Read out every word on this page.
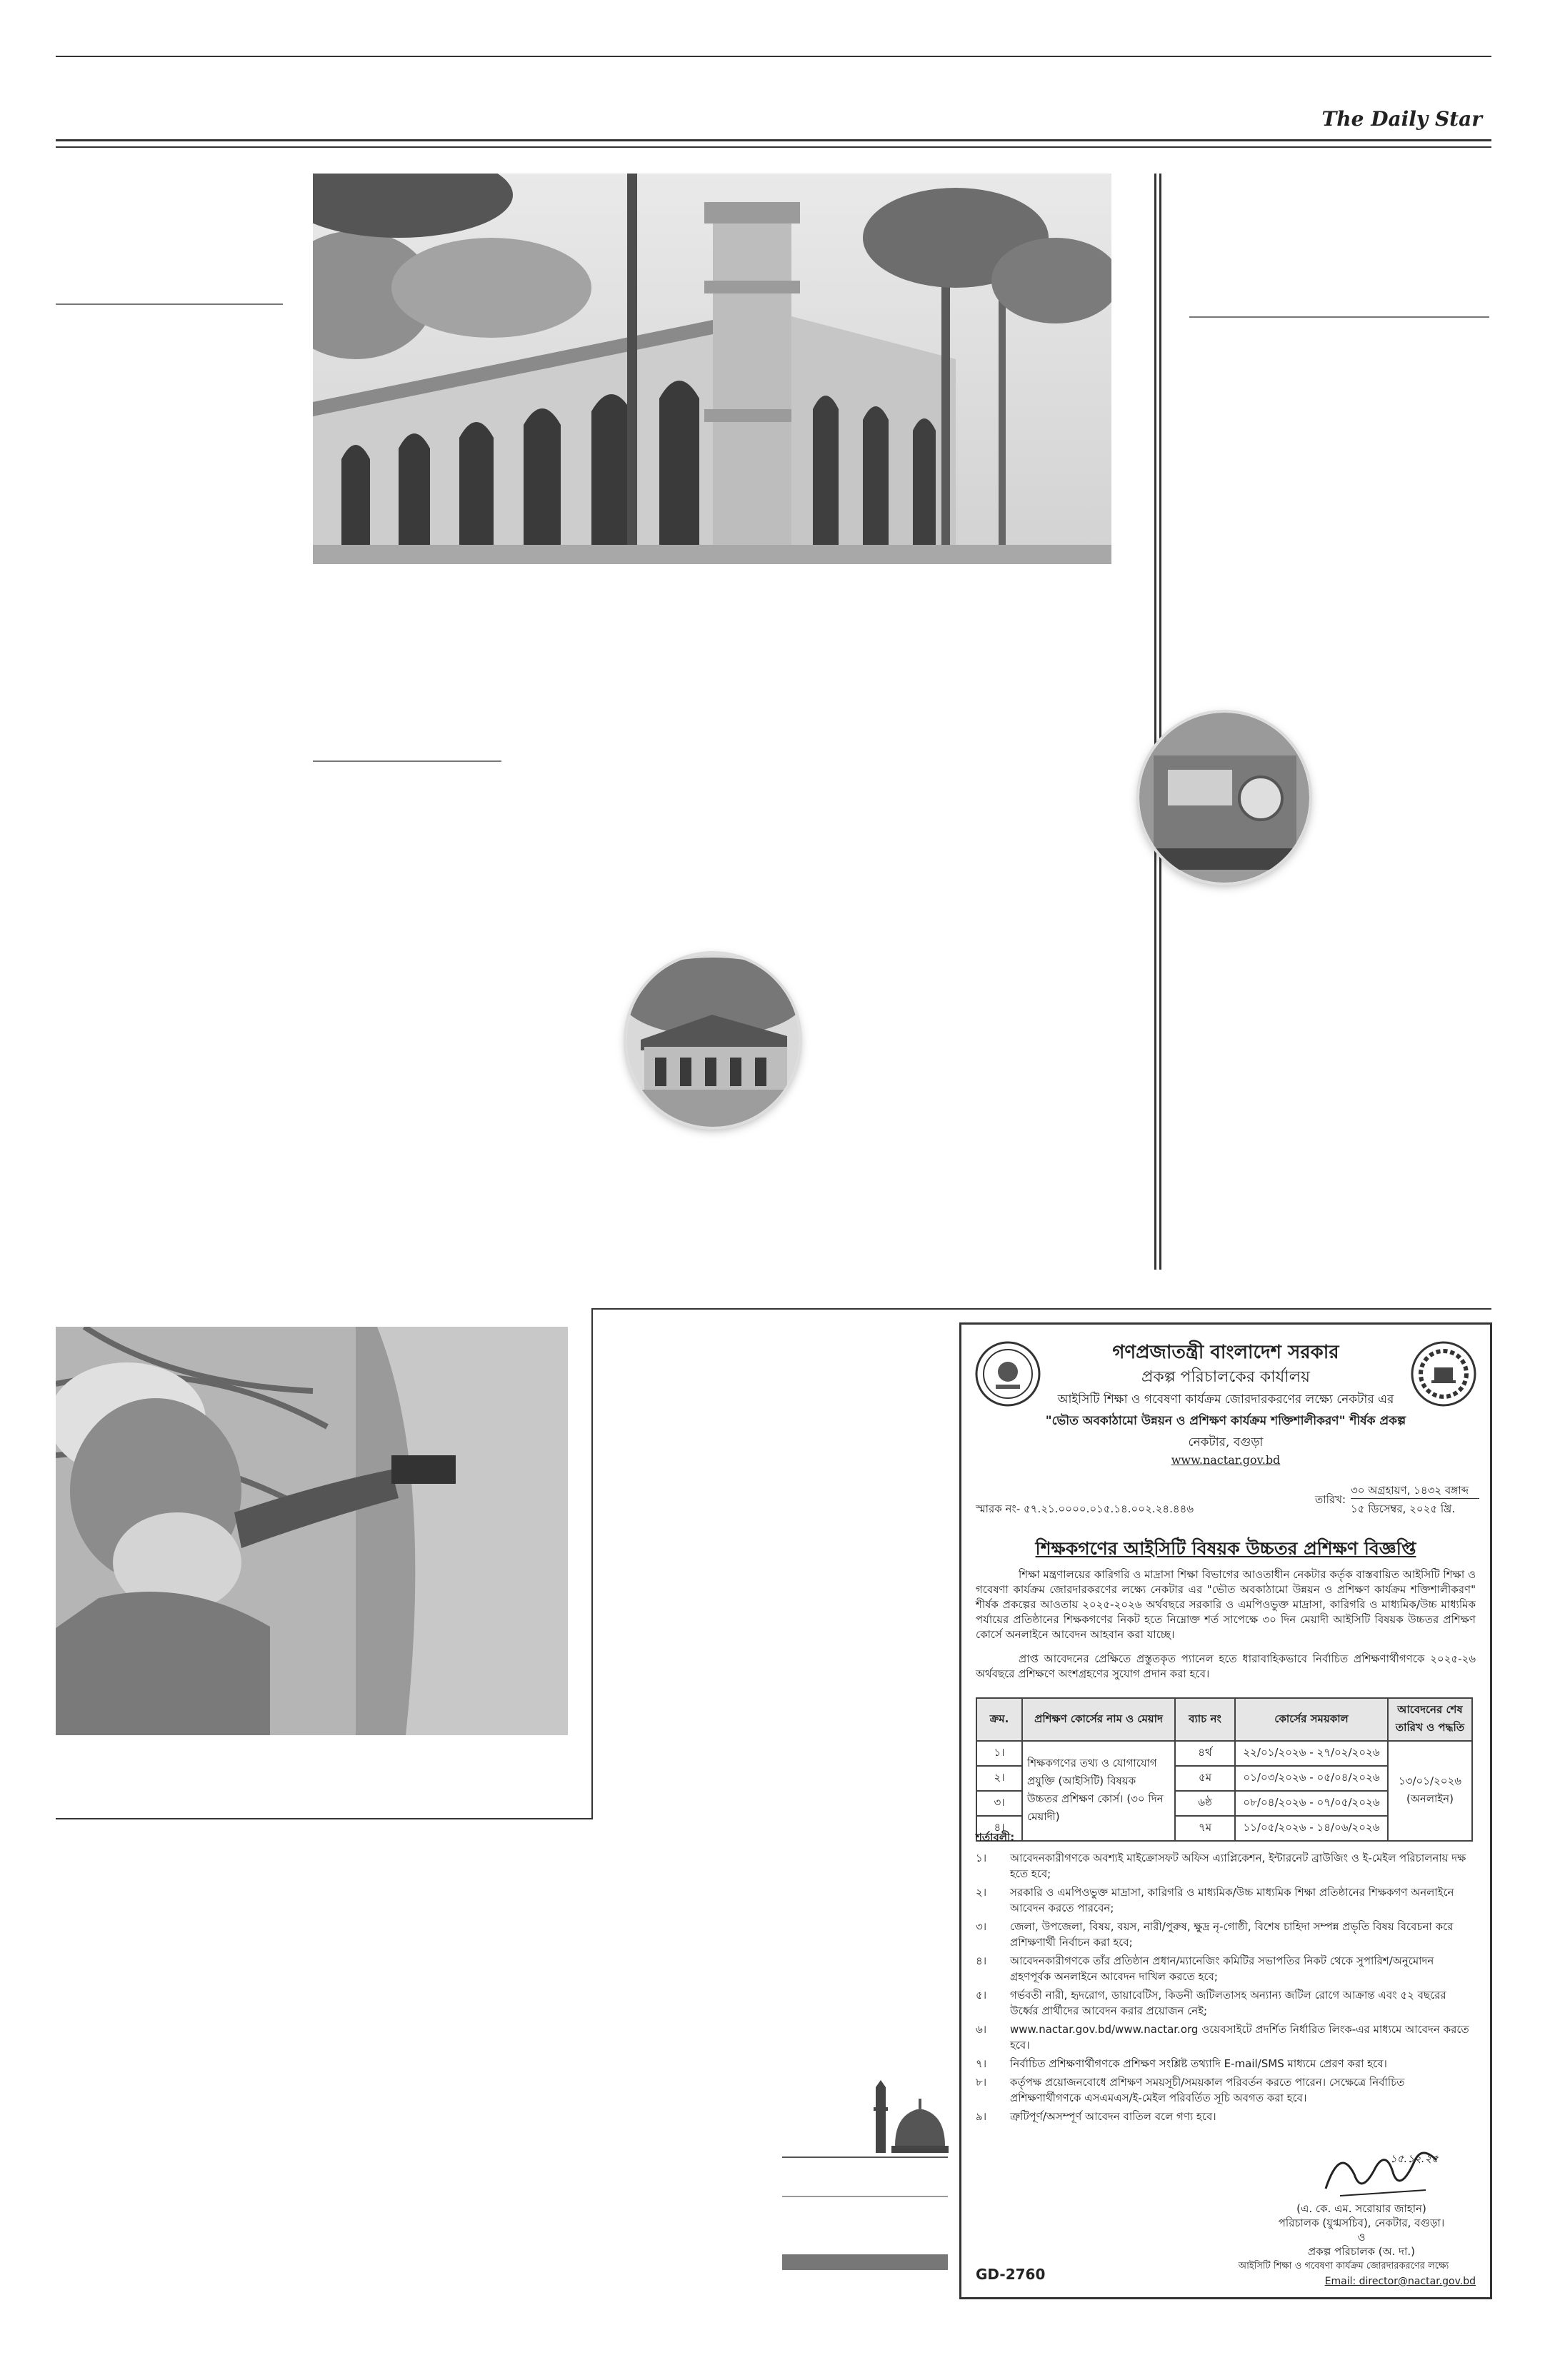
The Daily Star
গণপ্রজাতন্ত্রী বাংলাদেশ সরকার
প্রকল্প পরিচালকের কার্যালয়
আইসিটি শিক্ষা ও গবেষণা কার্যক্রম জোরদারকরণের লক্ষ্যে নেকটার এর
"ভৌত অবকাঠামো উন্নয়ন ও প্রশিক্ষণ কার্যক্রম শক্তিশালীকরণ" শীর্ষক প্রকল্প
নেকটার, বগুড়া
www.nactar.gov.bd
স্মারক নং- ৫৭.২১.০০০০.০১৫.১৪.০০২.২৪.৪৪৬
তারিখ:
৩০ অগ্রহায়ণ, ১৪৩২ বঙ্গাব্দ
১৫ ডিসেম্বর, ২০২৫ খ্রি.
শিক্ষকগণের আইসিটি বিষয়ক উচ্চতর প্রশিক্ষণ বিজ্ঞপ্তি
শিক্ষা মন্ত্রণালয়ের কারিগরি ও মাদ্রাসা শিক্ষা বিভাগের আওতাধীন নেকটার কর্তৃক বাস্তবায়িত আইসিটি শিক্ষা ও গবেষণা কার্যক্রম জোরদারকরণের লক্ষ্যে নেকটার এর "ভৌত অবকাঠামো উন্নয়ন ও প্রশিক্ষণ কার্যক্রম শক্তিশালীকরণ" শীর্ষক প্রকল্পের আওতায় ২০২৫-২০২৬ অর্থবছরে সরকারি ও এমপিওভুক্ত মাদ্রাসা, কারিগরি ও মাধ্যমিক/উচ্চ মাধ্যমিক পর্যায়ের প্রতিষ্ঠানের শিক্ষকগণের নিকট হতে নিম্নোক্ত শর্ত সাপেক্ষে ৩০ দিন মেয়াদী আইসিটি বিষয়ক উচ্চতর প্রশিক্ষণ কোর্সে অনলাইনে আবেদন আহবান করা যাচ্ছে।
প্রাপ্ত আবেদনের প্রেক্ষিতে প্রস্তুতকৃত প্যানেল হতে ধারাবাহিকভাবে নির্বাচিত প্রশিক্ষণার্থীগণকে ২০২৫-২৬ অর্থবছরে প্রশিক্ষণে অংশগ্রহণের সুযোগ প্রদান করা হবে।
ক্রম.	প্রশিক্ষণ কোর্সের নাম ও মেয়াদ	ব্যাচ নং	কোর্সের সময়কাল	আবেদনের শেষ তারিখ ও পদ্ধতি
১।	শিক্ষকগণের তথ্য ও যোগাযোগ প্রযুক্তি (আইসিটি) বিষয়ক উচ্চতর প্রশিক্ষণ কোর্স। (৩০ দিন মেয়াদী)	৪র্থ	২২/০১/২০২৬ - ২৭/০২/২০২৬	১৩/০১/২০২৬ (অনলাইন)
২।		৫ম	০১/০৩/২০২৬ - ০৫/০৪/২০২৬	
৩।		৬ষ্ঠ	০৮/০৪/২০২৬ - ০৭/০৫/২০২৬	
৪।		৭ম	১১/০৫/২০২৬ - ১৪/০৬/২০২৬	
শর্তাবলী:
১।	আবেদনকারীগণকে অবশ্যই মাইক্রোসফট অফিস এ্যাপ্লিকেশন, ইন্টারনেট ব্রাউজিং ও ই-মেইল পরিচালনায় দক্ষ হতে হবে;
২।	সরকারি ও এমপিওভুক্ত মাদ্রাসা, কারিগরি ও মাধ্যমিক/উচ্চ মাধ্যমিক শিক্ষা প্রতিষ্ঠানের শিক্ষকগণ অনলাইনে আবেদন করতে পারবেন;
৩।	জেলা, উপজেলা, বিষয়, বয়স, নারী/পুরুষ, ক্ষুদ্র নৃ-গোষ্ঠী, বিশেষ চাহিদা সম্পন্ন প্রভৃতি বিষয় বিবেচনা করে প্রশিক্ষণার্থী নির্বাচন করা হবে;
৪।	আবেদনকারীগণকে তাঁর প্রতিষ্ঠান প্রধান/ম্যানেজিং কমিটির সভাপতির নিকট থেকে সুপারিশ/অনুমোদন গ্রহণপূর্বক অনলাইনে আবেদন দাখিল করতে হবে;
৫।	গর্ভবতী নারী, হৃদরোগ, ডায়াবেটিস, কিডনী জটিলতাসহ অন্যান্য জটিল রোগে আক্রান্ত এবং ৫২ বছরের উর্ধ্বের প্রার্থীদের আবেদন করার প্রয়োজন নেই;
৬।	www.nactar.gov.bd/www.nactar.org ওয়েবসাইটে প্রদর্শিত নির্ধারিত লিংক-এর মাধ্যমে আবেদন করতে হবে।
৭।	নির্বাচিত প্রশিক্ষণার্থীগণকে প্রশিক্ষণ সংশ্লিষ্ট তথ্যাদি E-mail/SMS মাধ্যমে প্রেরণ করা হবে।
৮।	কর্তৃপক্ষ প্রয়োজনবোধে প্রশিক্ষণ সময়সূচী/সময়কাল পরিবর্তন করতে পারেন। সেক্ষেত্রে নির্বাচিত প্রশিক্ষণার্থীগণকে এসএমএস/ই-মেইল পরিবর্তিত সূচি অবগত করা হবে।
৯।	ত্রুটিপূর্ণ/অসম্পূর্ণ আবেদন বাতিল বলে গণ্য হবে।
১৫.১২.২৫
(এ. কে. এম. সরোয়ার জাহান)
পরিচালক (যুগ্মসচিব), নেকটার, বগুড়া।
ও
প্রকল্প পরিচালক (অ. দা.)
আইসিটি শিক্ষা ও গবেষণা কার্যক্রম জোরদারকরণের লক্ষ্যে
GD-2760	Email: director@nactar.gov.bd
